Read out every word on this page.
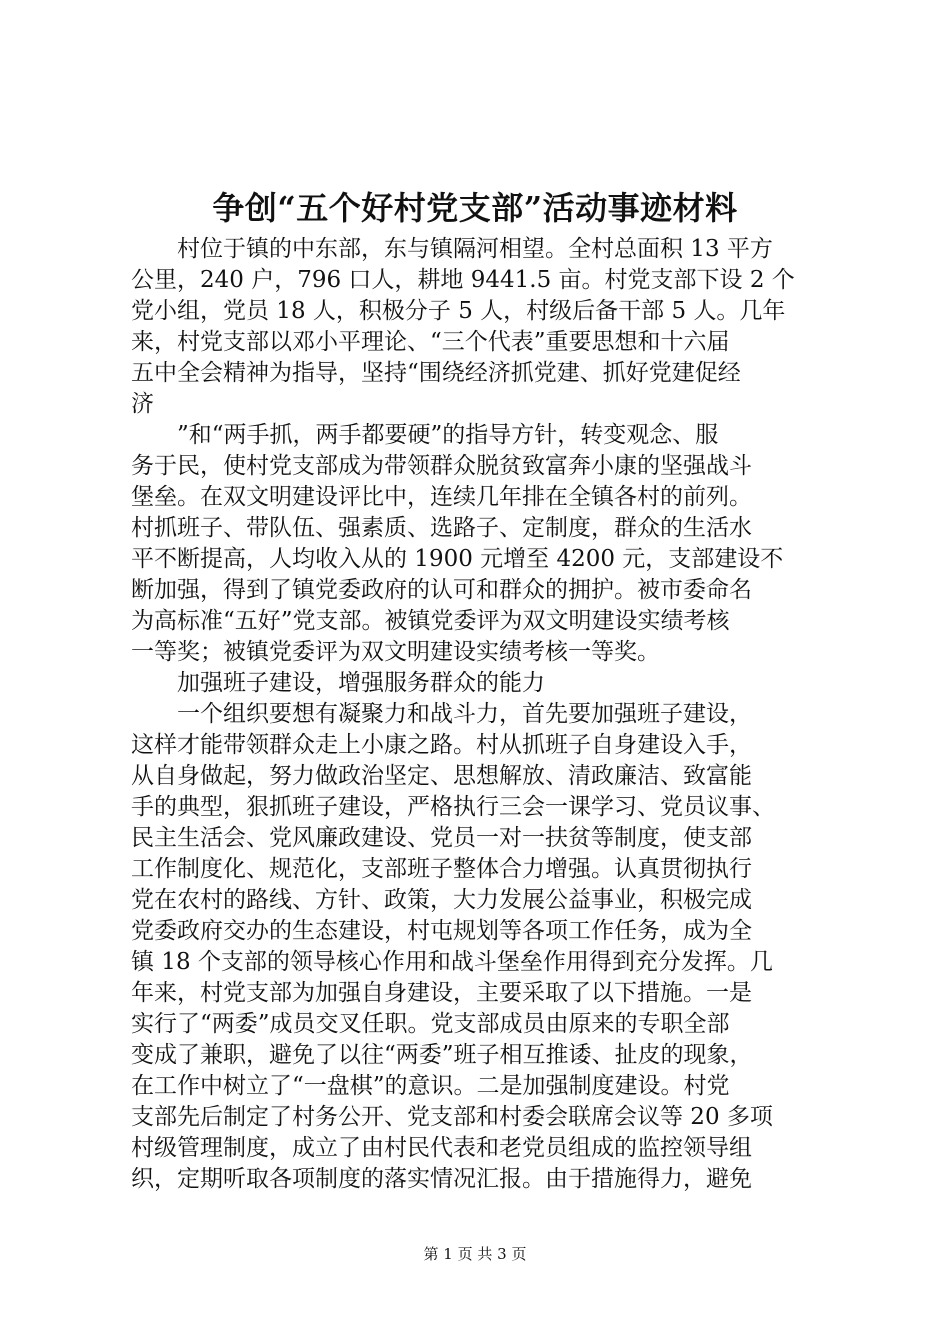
争创“五个好村党支部”活动事迹材料
　　村位于镇的中东部，东与镇隔河相望。全村总面积 13 平方
公里，240 户，796 口人，耕地 9441.5 亩。村党支部下设 2 个
党小组，党员 18 人，积极分子 5 人，村级后备干部 5 人。几年
来，村党支部以邓小平理论、“三个代表”重要思想和十六届
五中全会精神为指导，坚持“围绕经济抓党建、抓好党建促经
济
　　”和“两手抓，两手都要硬”的指导方针，转变观念、服
务于民，使村党支部成为带领群众脱贫致富奔小康的坚强战斗
堡垒。在双文明建设评比中，连续几年排在全镇各村的前列。
村抓班子、带队伍、强素质、选路子、定制度，群众的生活水
平不断提高，人均收入从的 1900 元增至 4200 元，支部建设不
断加强，得到了镇党委政府的认可和群众的拥护。被市委命名
为高标准“五好”党支部。被镇党委评为双文明建设实绩考核
一等奖；被镇党委评为双文明建设实绩考核一等奖。
　　加强班子建设，增强服务群众的能力
　　一个组织要想有凝聚力和战斗力，首先要加强班子建设，
这样才能带领群众走上小康之路。村从抓班子自身建设入手，
从自身做起，努力做政治坚定、思想解放、清政廉洁、致富能
手的典型，狠抓班子建设，严格执行三会一课学习、党员议事、
民主生活会、党风廉政建设、党员一对一扶贫等制度，使支部
工作制度化、规范化，支部班子整体合力增强。认真贯彻执行
党在农村的路线、方针、政策，大力发展公益事业，积极完成
党委政府交办的生态建设，村屯规划等各项工作任务，成为全
镇 18 个支部的领导核心作用和战斗堡垒作用得到充分发挥。几
年来，村党支部为加强自身建设，主要采取了以下措施。一是
实行了“两委”成员交叉任职。党支部成员由原来的专职全部
变成了兼职，避免了以往“两委”班子相互推诿、扯皮的现象，
在工作中树立了“一盘棋”的意识。二是加强制度建设。村党
支部先后制定了村务公开、党支部和村委会联席会议等 20 多项
村级管理制度，成立了由村民代表和老党员组成的监控领导组
织，定期听取各项制度的落实情况汇报。由于措施得力，避免
第 1 页 共 3 页
